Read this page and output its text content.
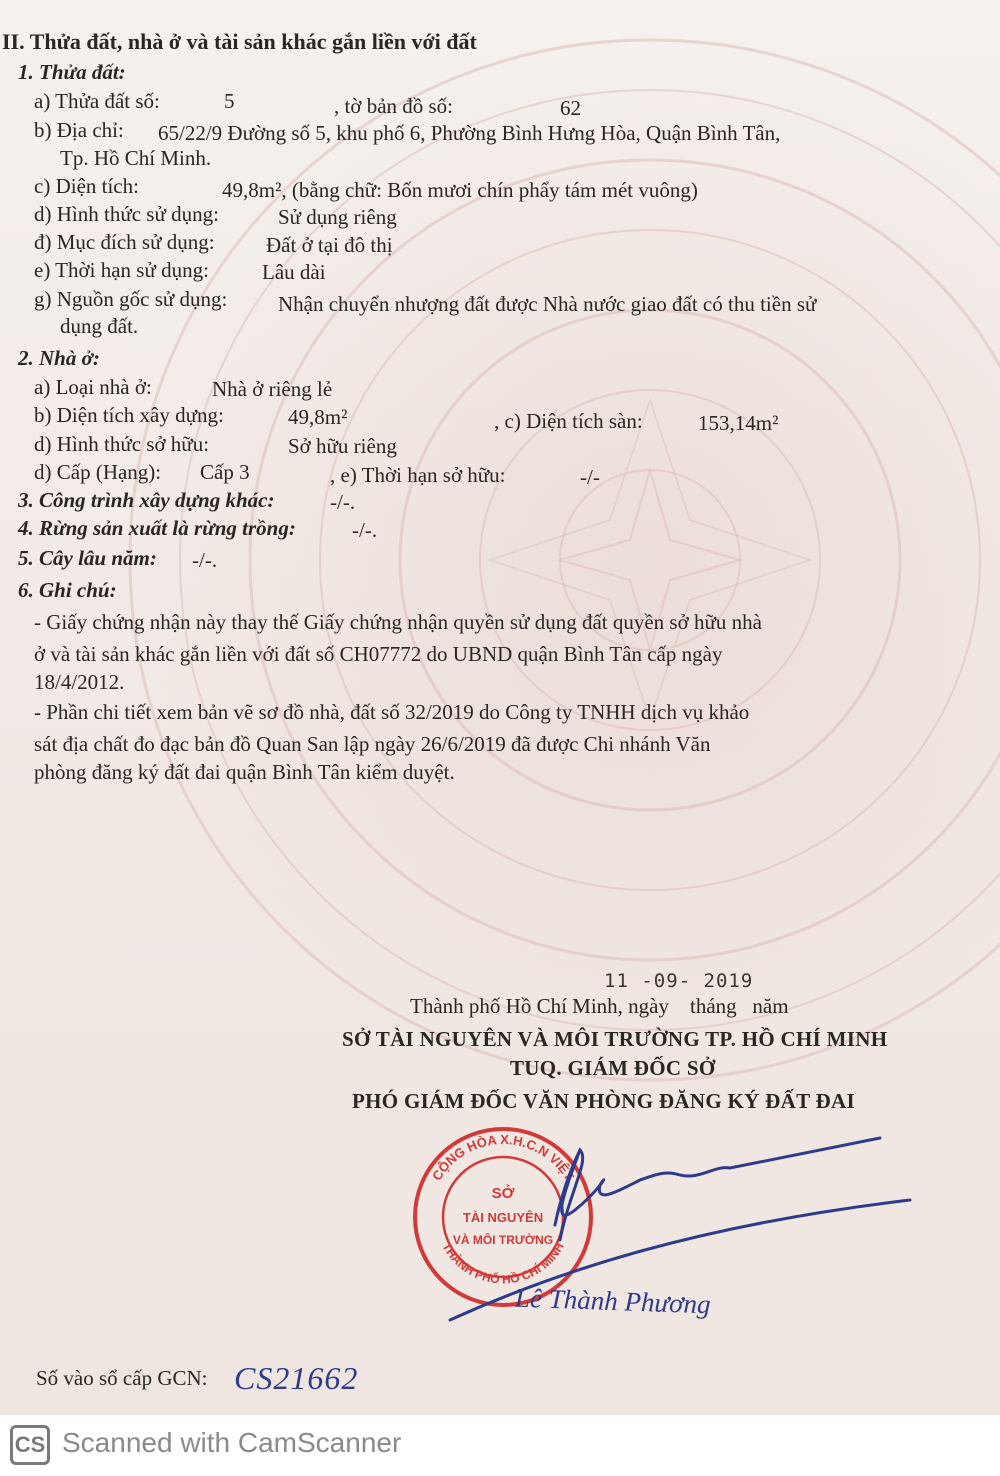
II. Thửa đất, nhà ở và tài sản khác gắn liền với đất
1. Thửa đất:
a) Thửa đất số:	5	, tờ bản đồ số:	62
b) Địa chỉ: 65/22/9 Đường số 5, khu phố 6, Phường Bình Hưng Hòa, Quận Bình Tân,
Tp. Hồ Chí Minh.
c) Diện tích:	49,8m², (bằng chữ: Bốn mươi chín phẩy tám mét vuông)
d) Hình thức sử dụng:	Sử dụng riêng
đ) Mục đích sử dụng: Đất ở tại đô thị
e) Thời hạn sử dụng:	Lâu dài
g) Nguồn gốc sử dụng: Nhận chuyển nhượng đất được Nhà nước giao đất có thu tiền sử
dụng đất.
2. Nhà ở:
a) Loại nhà ở:	Nhà ở riêng lẻ
b) Diện tích xây dựng:	49,8m²	, c) Diện tích sàn:	153,14m²
d) Hình thức sở hữu:	Sở hữu riêng
d) Cấp (Hạng): Cấp 3	, e) Thời hạn sở hữu:	-/-
3. Công trình xây dựng khác:	-/-.
4. Rừng sản xuất là rừng trồng:	-/-.
5. Cây lâu năm: -/-.
6. Ghi chú:
- Giấy chứng nhận này thay thế Giấy chứng nhận quyền sử dụng đất quyền sở hữu nhà
ở và tài sản khác gắn liền với đất số CH07772 do UBND quận Bình Tân cấp ngày
18/4/2012.
- Phần chi tiết xem bản vẽ sơ đồ nhà, đất số 32/2019 do Công ty TNHH dịch vụ khảo
sát địa chất đo đạc bản đồ Quan San lập ngày 26/6/2019 đã được Chi nhánh Văn
phòng đăng ký đất đai quận Bình Tân kiểm duyệt.
11 -09- 2019
Thành phố Hồ Chí Minh, ngày    tháng   năm
SỞ TÀI NGUYÊN VÀ MÔI TRƯỜNG TP. HỒ CHÍ MINH
TUQ. GIÁM ĐỐC SỞ
PHÓ GIÁM ĐỐC VĂN PHÒNG ĐĂNG KÝ ĐẤT ĐAI
CỘNG HÒA X.H.C.N VIỆT
THÀNH PHỐ HỒ CHÍ MINH
SỞ
TÀI NGUYÊN
VÀ MÔI TRƯỜNG
Lê Thành Phương
Số vào sổ cấp GCN: CS21662
CS Scanned with CamScanner
